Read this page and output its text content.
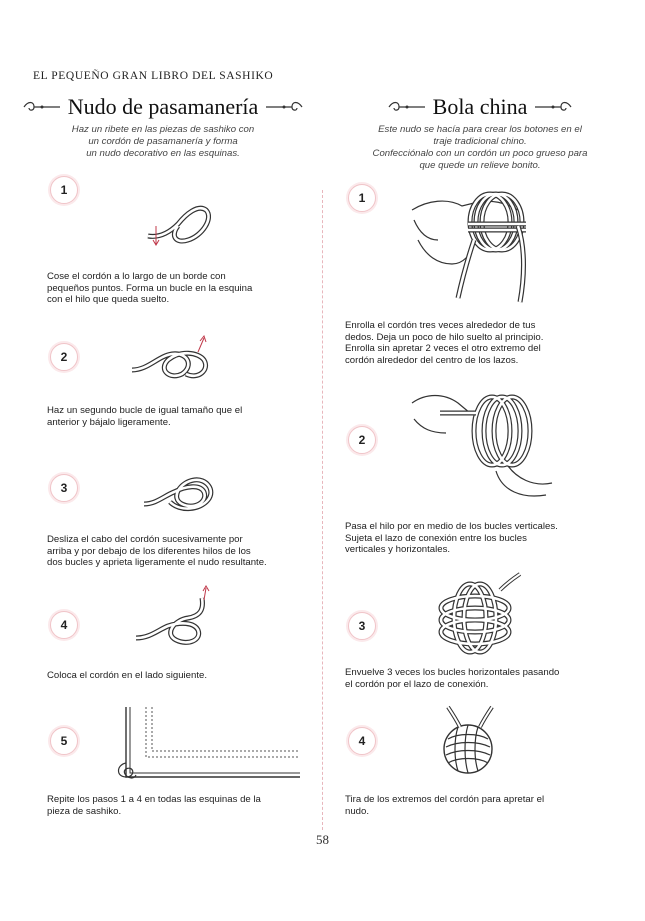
EL PEQUEÑO GRAN LIBRO DEL SASHIKO
Nudo de pasamanería
Haz un ribete en las piezas de sashiko con
un cordón de pasamanería y forma
un nudo decorativo en las esquinas.
Bola china
Este nudo se hacía para crear los botones en el
traje tradicional chino.
Confecciónalo con un cordón un poco grueso para
que quede un relieve bonito.
1
Cose el cordón a lo largo de un borde con
pequeños puntos. Forma un bucle en la esquina
con el hilo que queda suelto.
2
Haz un segundo bucle de igual tamaño que el
anterior y bájalo ligeramente.
3
Desliza el cabo del cordón sucesivamente por
arriba y por debajo de los diferentes hilos de los
dos bucles y aprieta ligeramente el nudo resultante.
4
Coloca el cordón en el lado siguiente.
5
Repite los pasos 1 a 4 en todas las esquinas de la
pieza de sashiko.
1
Enrolla el cordón tres veces alrededor de tus
dedos. Deja un poco de hilo suelto al principio.
Enrolla sin apretar 2 veces el otro extremo del
cordón alrededor del centro de los lazos.
2
Pasa el hilo por en medio de los bucles verticales.
Sujeta el lazo de conexión entre los bucles
verticales y horizontales.
3
Envuelve 3 veces los bucles horizontales pasando
el cordón por el lazo de conexión.
4
Tira de los extremos del cordón para apretar el
nudo.
58
